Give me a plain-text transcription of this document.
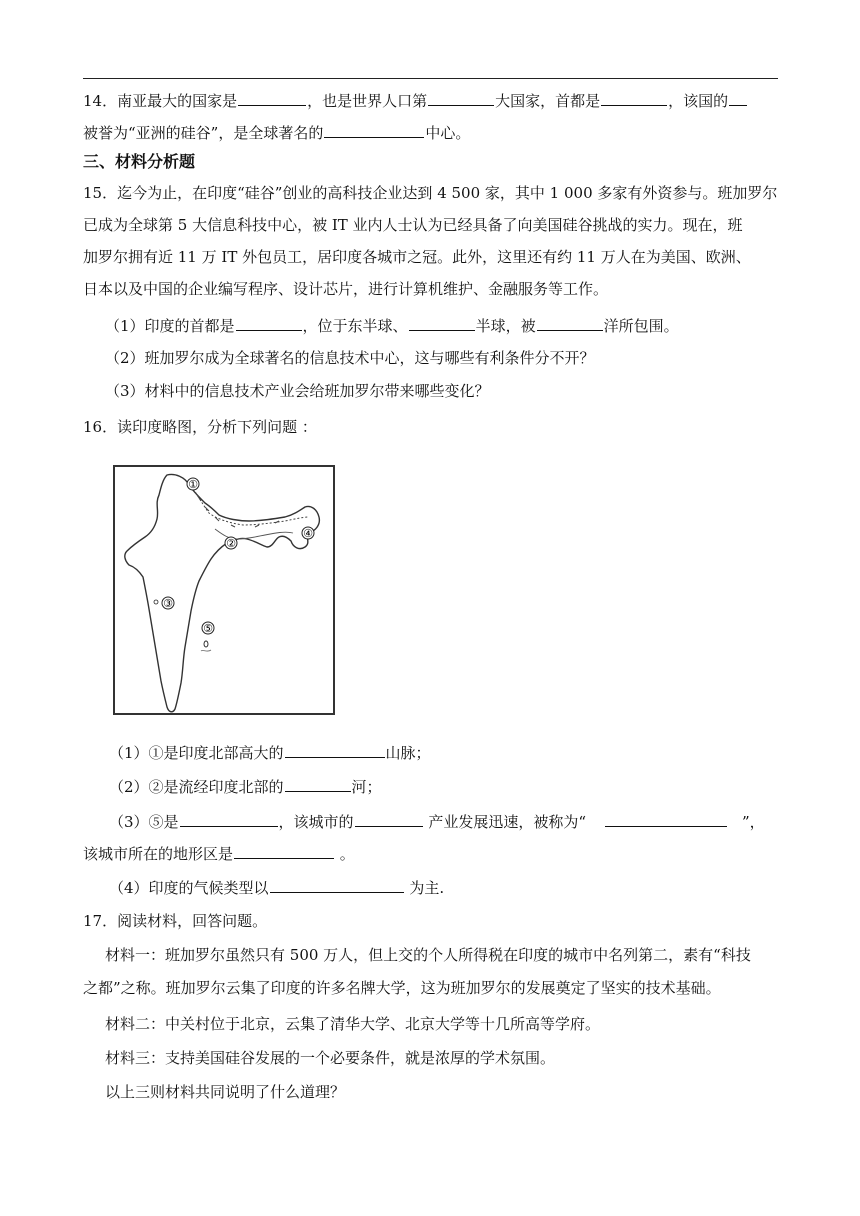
14．南亚最大的国家是	，也是世界人口第	大国家，首都是	，该国的
被誉为“亚洲的硅谷”，是全球著名的	中心。
三、材料分析题
15．迄今为止，在印度“硅谷”创业的高科技企业达到 4 500 家，其中 1 000 多家有外资参与。班加罗尔
已成为全球第 5 大信息科技中心，被 IT 业内人士认为已经具备了向美国硅谷挑战的实力。现在，班
加罗尔拥有近 11 万 IT 外包员工，居印度各城市之冠。此外，这里还有约 11 万人在为美国、欧洲、
日本以及中国的企业编写程序、设计芯片，进行计算机维护、金融服务等工作。
（1）印度的首都是	，位于东半球、	半球，被	洋所包围。
（2）班加罗尔成为全球著名的信息技术中心，这与哪些有利条件分不开？
（3）材料中的信息技术产业会给班加罗尔带来哪些变化？
16．读印度略图，分析下列问题 ：
①
②
③
④
⑤
（1）①是印度北部高大的	山脉；
（2）②是流经印度北部的	河；
（3）⑤是	，该城市的	产业发展迅速，被称为“	”，
该城市所在的地形区是	。
（4）印度的气候类型以	为主.
17．阅读材料，回答问题。
材料一：班加罗尔虽然只有 500 万人，但上交的个人所得税在印度的城市中名列第二，素有“科技
之都”之称。班加罗尔云集了印度的许多名牌大学，这为班加罗尔的发展奠定了坚实的技术基础。
材料二：中关村位于北京，云集了清华大学、北京大学等十几所高等学府。
材料三：支持美国硅谷发展的一个必要条件，就是浓厚的学术氛围。
以上三则材料共同说明了什么道理？
